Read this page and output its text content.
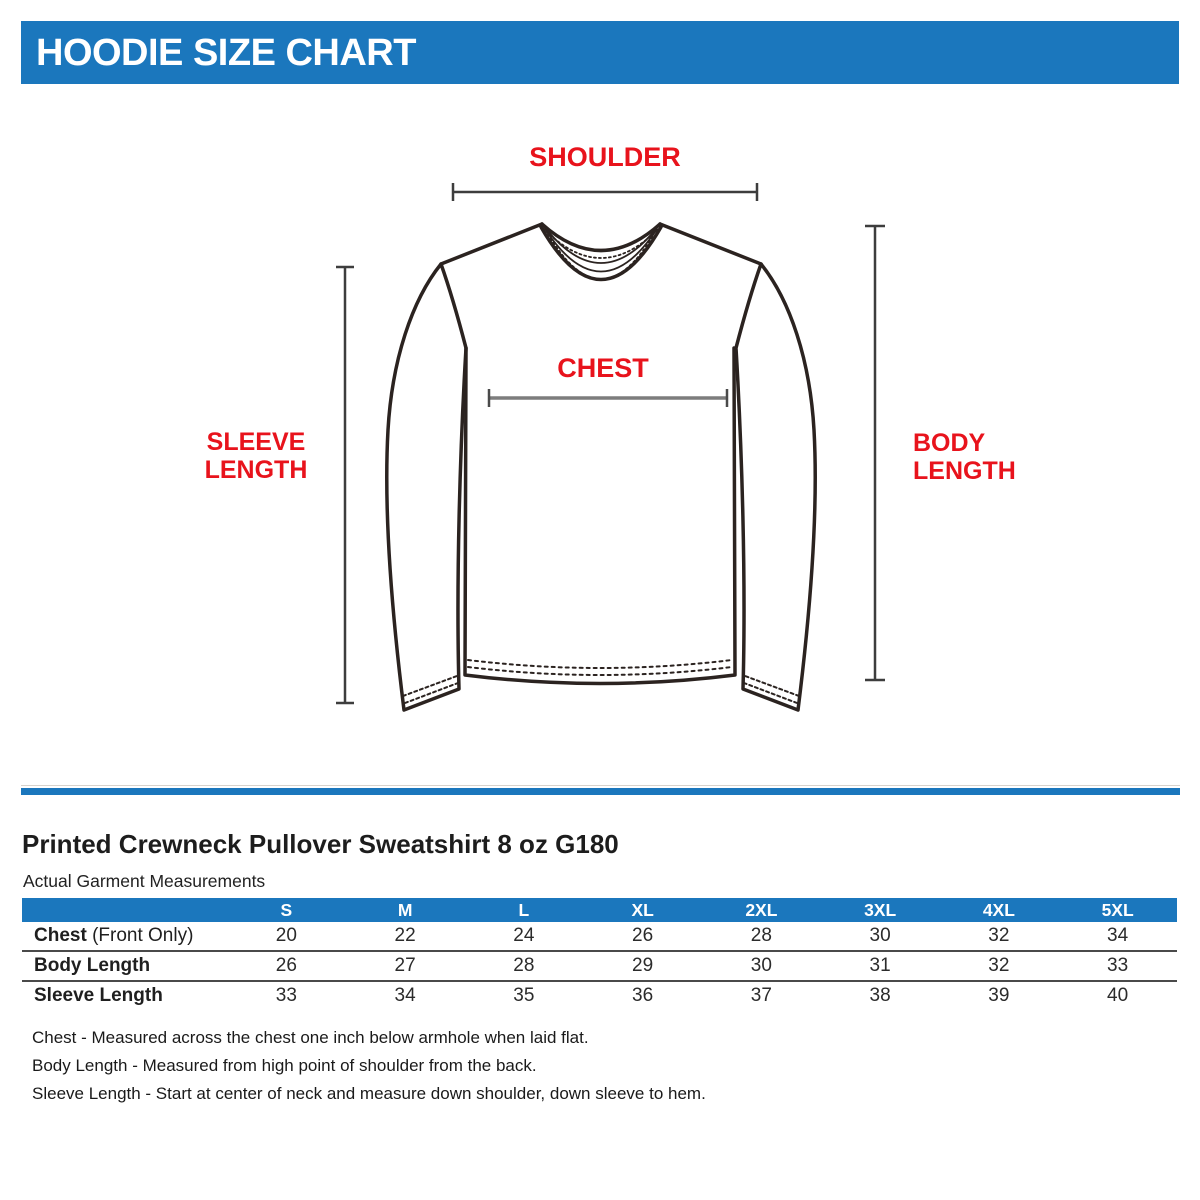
HOODIE SIZE CHART
SHOULDER
CHEST
SLEEVE
LENGTH
BODY
LENGTH
Printed Crewneck Pullover Sweatshirt 8 oz G180
Actual Garment Measurements
	S	M	L	XL	2XL	3XL	4XL	5XL
Chest (Front Only)	20	22	24	26	28	30	32	34
Body Length	26	27	28	29	30	31	32	33
Sleeve Length	33	34	35	36	37	38	39	40
Chest - Measured across the chest one inch below armhole when laid flat.
Body Length - Measured from high point of shoulder from the back.
Sleeve Length - Start at center of neck and measure down shoulder, down sleeve to hem.
